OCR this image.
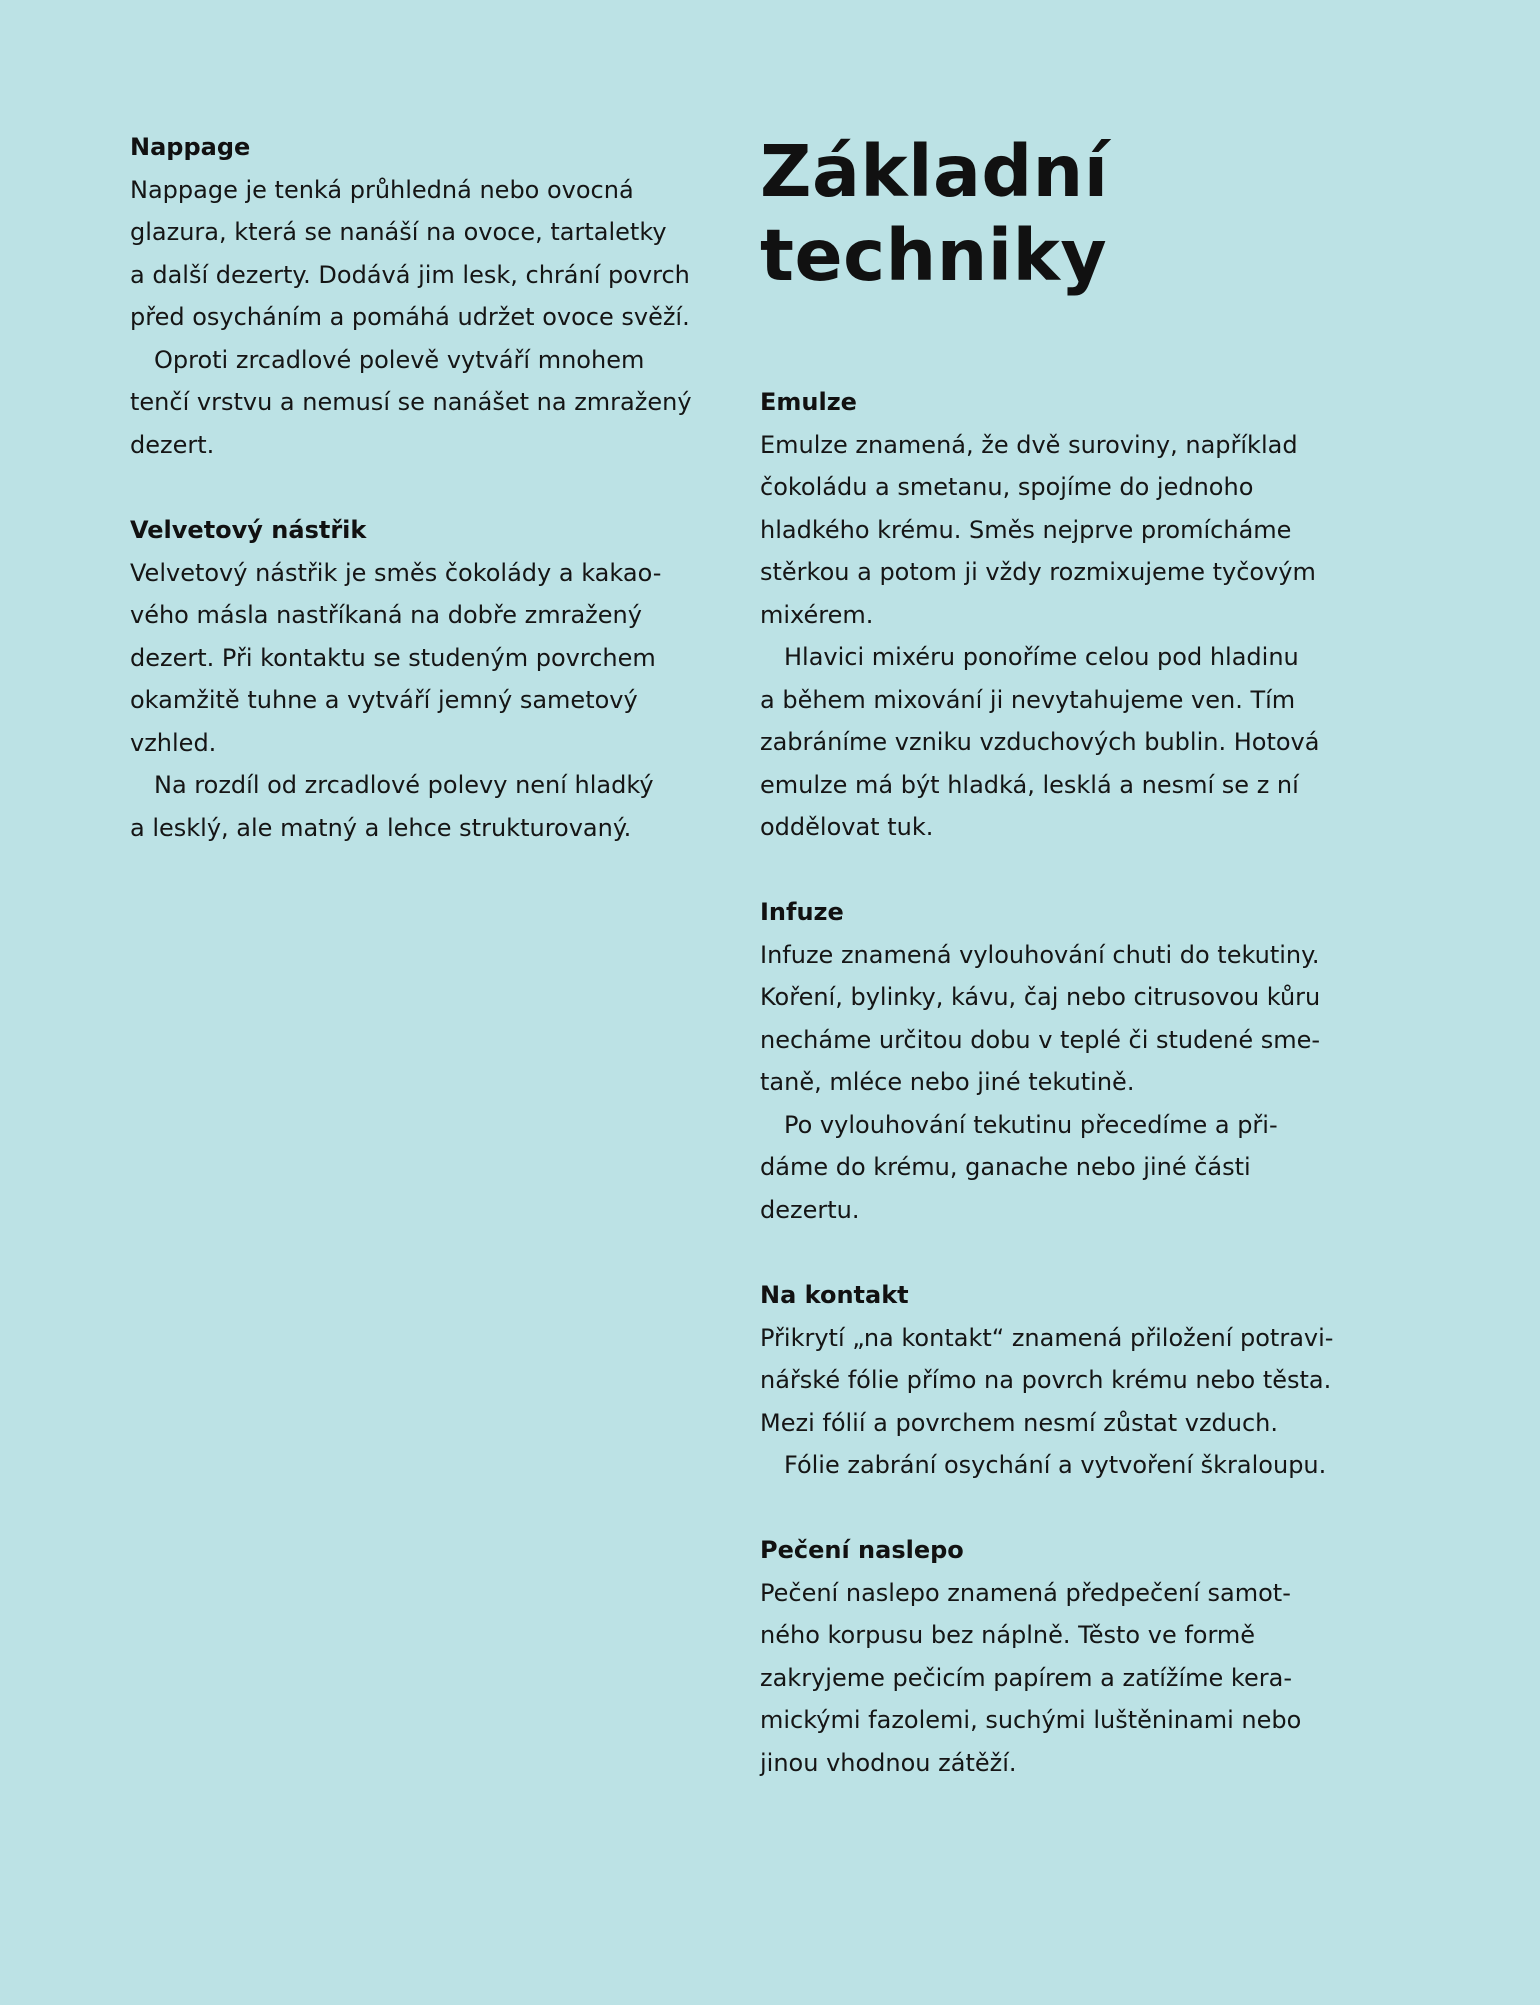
Základní
techniky
Nappage

Nappage je tenká průhledná nebo ovocná
glazura, která se nanáší na ovoce, tartaletky
a další dezerty. Dodává jim lesk, chrání povrch
před osycháním a pomáhá udržet ovoce svěží.

Oproti zrcadlové polevě vytváří mnohem
tenčí vrstvu a nemusí se nanášet na zmražený
dezert.

Velvetový nástřik

Velvetový nástřik je směs čokolády a kakao-
vého másla nastříkaná na dobře zmražený
dezert. Při kontaktu se studeným povrchem
okamžitě tuhne a vytváří jemný sametový
vzhled.

Na rozdíl od zrcadlové polevy není hladký
a lesklý, ale matný a lehce strukturovaný.

Emulze

Emulze znamená, že dvě suroviny, například
čokoládu a smetanu, spojíme do jednoho
hladkého krému. Směs nejprve promícháme
stěrkou a potom ji vždy rozmixujeme tyčovým
mixérem.

Hlavici mixéru ponoříme celou pod hladinu
a během mixování ji nevytahujeme ven. Tím
zabráníme vzniku vzduchových bublin. Hotová
emulze má být hladká, lesklá a nesmí se z ní
oddělovat tuk.

Infuze

Infuze znamená vylouhování chuti do tekutiny.
Koření, bylinky, kávu, čaj nebo citrusovou kůru
necháme určitou dobu v teplé či studené sme-
taně, mléce nebo jiné tekutině.

Po vylouhování tekutinu přecedíme a při-
dáme do krému, ganache nebo jiné části
dezertu.

Na kontakt

Přikrytí „na kontakt“ znamená přiložení potravi-
nářské fólie přímo na povrch krému nebo těsta.
Mezi fólií a povrchem nesmí zůstat vzduch.

Fólie zabrání osychání a vytvoření škraloupu.

Pečení naslepo

Pečení naslepo znamená předpečení samot-
ného korpusu bez náplně. Těsto ve formě
zakryjeme pečicím papírem a zatížíme kera-
mickými fazolemi, suchými luštěninami nebo
jinou vhodnou zátěží.
